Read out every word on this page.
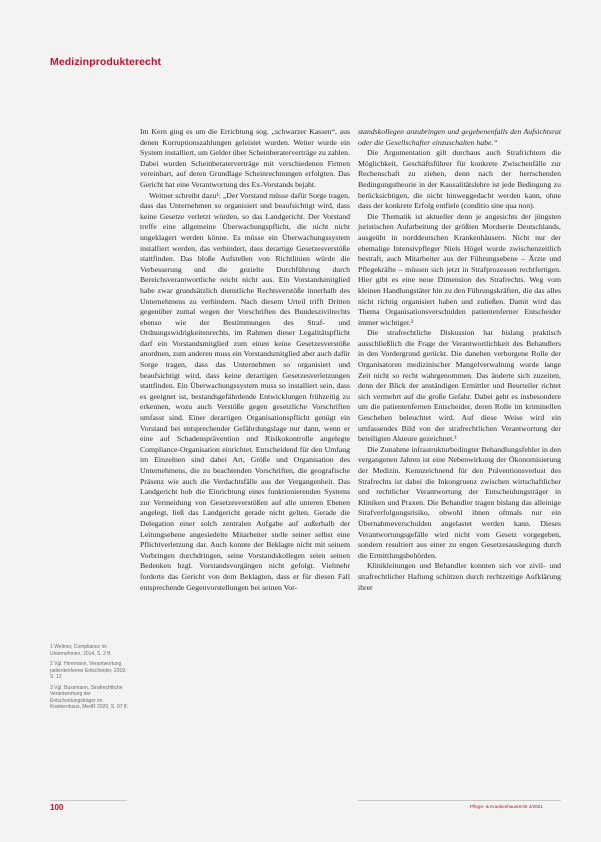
Medizinprodukterecht

Im Kern ging es um die Errichtung sog. „schwarzer Kassen“, aus denen Korruptionszahlungen geleistet wurden. Weiter wurde ein System installiert, um Gelder über Scheinberaterverträge zu zahlen. Dabei wurden Scheinberaterverträge mit verschiedenen Firmen vereinbart, auf deren Grundlage Scheinrechnungen erfolgten. Das Gericht hat eine Verantwortung des Ex-Vorstands bejaht.

Weitner schreibt dazu¹: „Der Vorstand müsse dafür Sorge tragen, dass das Unternehmen so organisiert und beaufsichtigt wird, dass keine Gesetze verletzt würden, so das Landgericht. Der Vorstand treffe eine allgemeine Überwachungspflicht, die nicht nicht ungeklagert werden könne. Es müsse ein Überwachungssystem installiert werden, das verhindert, dass derartige Gesetzesverstöße stattfinden. Das bloße Aufstellen von Richtlinien würde die Verbesserung und die gezielte Durchführung durch Bereichsverantwortliche reicht nicht aus. Ein Vorstandsmitglied habe zwar grundsätzlich dienstliche Rechtsverstöße innerhalb des Unternehmens zu verhindern. Nach diesem Urteil trifft Dritten gegenüber zumal wegen der Vorschriften des Bundeszivilrechts ebenso wie der Bestimmungen des Straf- und Ordnungswidrigkeitenrechts, im Rahmen dieser Legalitätspflicht darf ein Vorstandsmitglied zum einen keine Gesetzesverstöße anordnen, zum anderen muss ein Vorstandsmitglied aber auch dafür Sorge tragen, dass das Unternehmen so organisiert und beaufsichtigt wird, dass keine derartigen Gesetzesverletzungen stattfinden. Ein Überwachungssystem muss so installiert sein, dass es geeignet ist, bestandsgefährdende Entwicklungen frühzeitig zu erkennen, wozu auch Verstöße gegen gesetzliche Vorschriften umfasst sind. Einer derartigen Organisationspflicht genügt ein Vorstand bei entsprechender Gefährdungslage nur dann, wenn er eine auf Schadensprävention und Risikokontrolle angelegte Compliance-Organisation einrichtet. Entscheidend für den Umfang im Einzelnen sind dabei Art, Größe und Organisation des Unternehmens, die zu beachtenden Vorschriften, die geografische Präsenz wie auch die Verdachtsfälle aus der Vergangenheit. Das Landgericht hob die Einrichtung eines funktionierenden Systems zur Vermeidung von Gesetzesverstößen auf alle unteren Ebenen angelegt, ließ das Landgericht gerade nicht gelten. Gerade die Delegation einer solch zentralen Aufgabe auf außerhalb der Leitungsebene angesiedelte Mitarbeiter stelle seiner selbst eine Pflichtverletzung dar. Auch konnte der Beklagte nicht mit seinem Vorbringen durchdringen, seine Vorstandskollegen seien seinen Bedenken bzgl. Vorstandsvorgängen nicht gefolgt. Vielmehr forderte das Gericht von dem Beklagten, dass er für diesen Fall entsprechende Gegenvorstellungen bei seinen Vor-

standskollegen anzubringen und gegebenenfalls den Aufsichtsrat oder die Gesellschafter einzuschalten habe.“

Die Argumentation gilt durchaus auch Strafrichtern die Möglichkeit, Geschäftsführer für konkrete Zwischenfälle zur Rechenschaft zu ziehen, denn nach der herrschenden Bedingungstheorie in der Kausalitätslehre ist jede Bedingung zu berücksichtigen, die nicht hinweggedacht werden kann, ohne dass der konkrete Erfolg entfiele (conditio sine qua non).

Die Thematik ist aktueller denn je angesichts der jüngsten juristischen Aufarbeitung der größten Mordserie Deutschlands, ausgeübt in norddeutschen Krankenhäusern. Nicht nur der ehemalige Intensivpfleger Niels Högel wurde zwischenzeitlich bestraft, auch Mitarbeiter aus der Führungsebene – Ärzte und Pflegekräfte – müssen sich jetzt in Strafprozessen rechtfertigen. Hier gibt es eine neue Dimension des Strafrechts. Weg vom kleinen Handlungstäter hin zu den Führungskräften, die das alles nicht richtig organisiert haben und zuließen. Damit wird das Thema Organisationsverschulden patientenferner Entscheider immer wichtiger.²

Die strafrechtliche Diskussion hat bislang praktisch ausschließlich die Frage der Verantwortlichkeit des Behandlers in den Vordergrund gerückt. Die daneben verborgene Rolle der Organisatoren medizinischer Mangelverwaltung wurde lange Zeit nicht so recht wahrgenommen. Das änderte sich zuzeiten, denn der Blick der anständigen Ermittler und Beurteiler richtet sich vermehrt auf die große Gefahr. Dabei geht es insbesondere um die patientenfernen Entscheider, deren Rolle im kriminellen Geschehen beleuchtet wird. Auf diese Weise wird ein umfassendes Bild von der strafrechtlichen Verantwortung der beteiligten Akteure gezeichnet.³

Die Zunahme infrastrukturbedingter Behandlungsfehler in den vergangenen Jahren ist eine Nebenwirkung der Ökonomisierung der Medizin. Kennzeichnend für den Präventionsverlust des Strafrechts ist dabei die Inkongruenz zwischen wirtschaftlicher und rechtlicher Verantwortung der Entscheidungsträger in Kliniken und Praxen. Die Behandler tragen bislang das alleinige Strafverfolgungsrisiko, obwohl ihnen oftmals nur ein Übernahmeverschulden angelastet werden kann. Dieses Verantwortungsgefälle wird nicht vom Gesetz vorgegeben, sondern resultiert aus einer zu engen Gesetzesauslegung durch die Ermittlungsbehörden.

Klinikleitungen und Behandler konnten sich vor zivil- und strafrechtlicher Haftung schützen durch rechtzeitige Aufklärung ihrer

1 Weitner, Compliance im Unternehmen, 2014, S. 2 ff.
2 Vgl. Herrmann, Verantwortung patientenferner Entscheider, 2019, S. 12
3 Vgl. Bussmann, Strafrechtliche Verantwortung der Entscheidungsträger im Krankenhaus, MedR 2020, S. 97 ff.
100	Pflege- & Krankenhausrecht 4/2021
